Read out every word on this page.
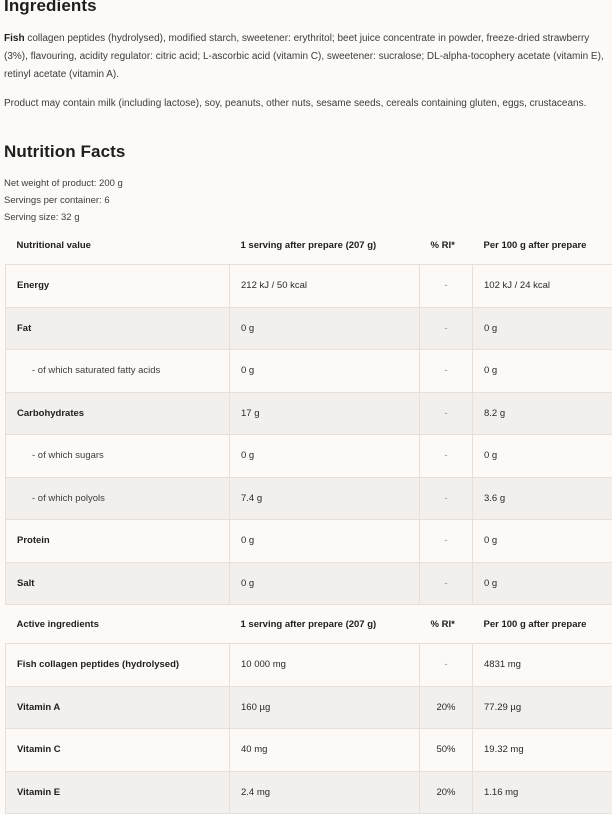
Ingredients
Fish collagen peptides (hydrolysed), modified starch, sweetener: erythritol; beet juice concentrate in powder, freeze-dried strawberry (3%), flavouring, acidity regulator: citric acid; L-ascorbic acid (vitamin C), sweetener: sucralose; DL-alpha-tocophery acetate (vitamin E), retinyl acetate (vitamin A).
Product may contain milk (including lactose), soy, peanuts, other nuts, sesame seeds, cereals containing gluten, eggs, crustaceans.
Nutrition Facts
Net weight of product: 200 g
Servings per container: 6
Serving size: 32 g
Nutritional value	1 serving after prepare (207 g)	% RI*	Per 100 g after prepare
Energy	212 kJ / 50 kcal	-	102 kJ / 24 kcal
Fat	0 g	-	0 g
- of which saturated fatty acids	0 g	-	0 g
Carbohydrates	17 g	-	8.2 g
- of which sugars	0 g	-	0 g
- of which polyols	7.4 g	-	3.6 g
Protein	0 g	-	0 g
Salt	0 g	-	0 g
Active ingredients	1 serving after prepare (207 g)	% RI*	Per 100 g after prepare
Fish collagen peptides (hydrolysed)	10 000 mg	-	4831 mg
Vitamin A	160 µg	20%	77.29 µg
Vitamin C	40 mg	50%	19.32 mg
Vitamin E	2.4 mg	20%	1.16 mg
